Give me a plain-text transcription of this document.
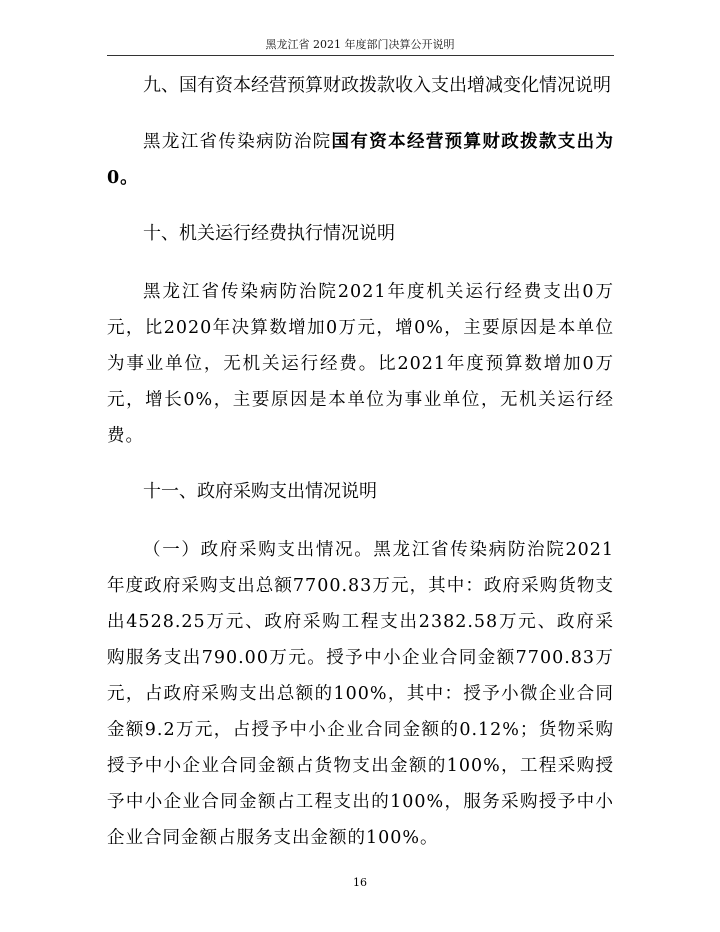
黑龙江省 2021 年度部门决算公开说明

九、国有资本经营预算财政拨款收入支出增减变化情况说明

黑龙江省传染病防治院国有资本经营预算财政拨款支出为 0。

十、机关运行经费执行情况说明

黑龙江省传染病防治院2021年度机关运行经费支出0万元，比2020年决算数增加0万元，增0%，主要原因是本单位为事业单位，无机关运行经费。比2021年度预算数增加0万元，增长0%，主要原因是本单位为事业单位，无机关运行经费。

十一、政府采购支出情况说明

（一）政府采购支出情况。黑龙江省传染病防治院2021年度政府采购支出总额7700.83万元，其中：政府采购货物支出4528.25万元、政府采购工程支出2382.58万元、政府采购服务支出790.00万元。授予中小企业合同金额7700.83万元，占政府采购支出总额的100%，其中：授予小微企业合同金额9.2万元，占授予中小企业合同金额的0.12%；货物采购授予中小企业合同金额占货物支出金额的100%，工程采购授予中小企业合同金额占工程支出的100%，服务采购授予中小企业合同金额占服务支出金额的100%。

16
